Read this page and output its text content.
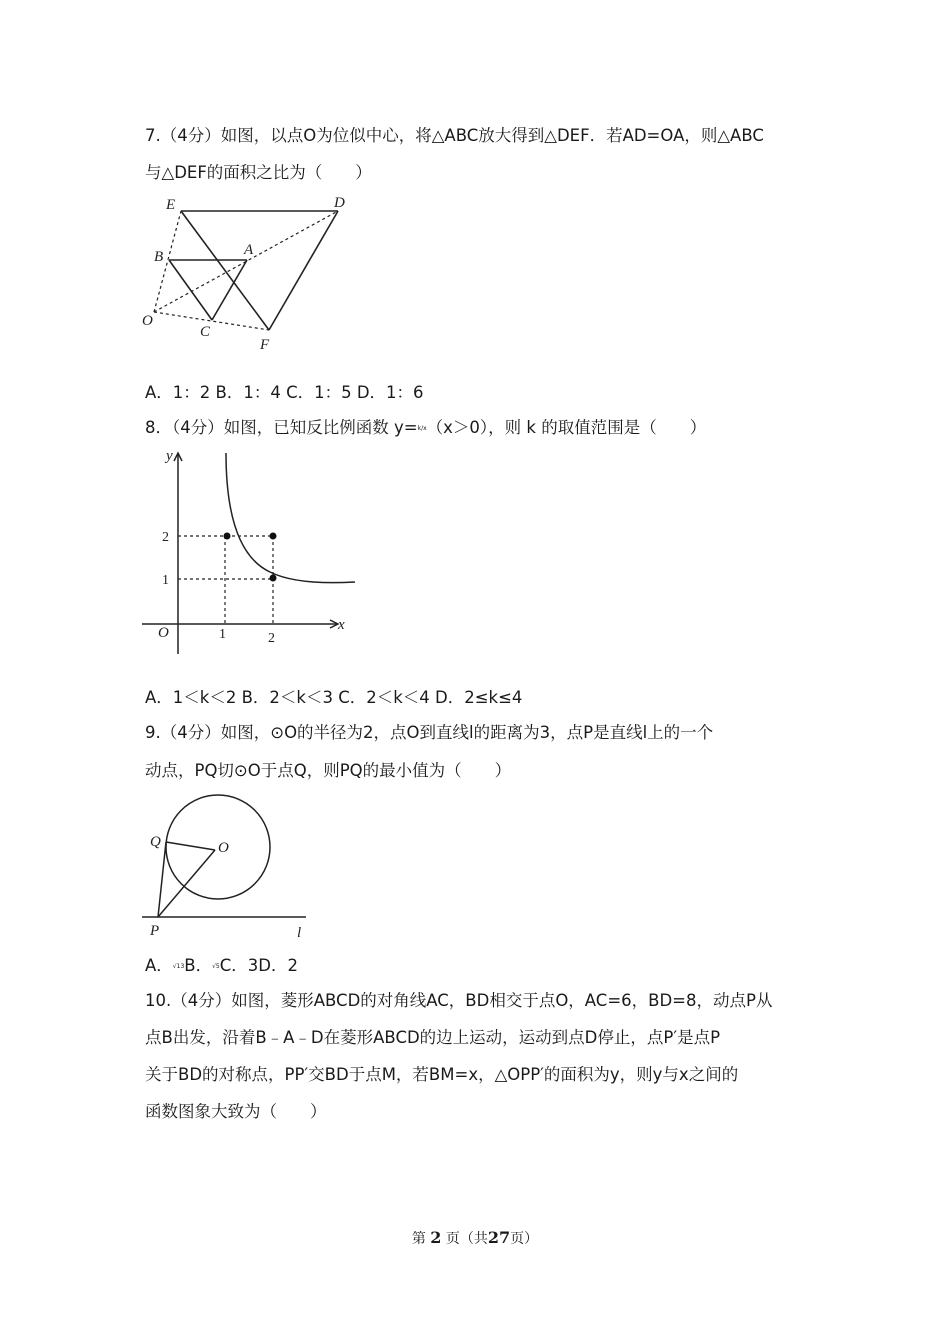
7.（4分）如图，以点O为位似中心，将△ABC放大得到△DEF．若AD=OA，则△ABC
与△DEF的面积之比为（　　）
E	D
B	A
O
C
F
A．1：2 B．1：4 C．1：5 D．1：6
8．（4分）如图，已知反比例函数 y=k/x（x＞0），则 k 的取值范围是（　　）
y
x
O
2
1
1	2
A．1＜k＜2 B．2＜k＜3 C．2＜k＜4 D．2≤k≤4
9.（4分）如图，⊙O的半径为2，点O到直线l的距离为3，点P是直线l上的一个
动点，PQ切⊙O于点Q，则PQ的最小值为（　　）
Q	O
P	l
A．√13B．√5C．3D．2
10.（4分）如图，菱形ABCD的对角线AC，BD相交于点O，AC=6，BD=8，动点P从
点B出发，沿着B﹣A﹣D在菱形ABCD的边上运动，运动到点D停止，点P′是点P
关于BD的对称点，PP′交BD于点M，若BM=x，△OPP′的面积为y，则y与x之间的
函数图象大致为（　　）
第 2 页（共27页）
